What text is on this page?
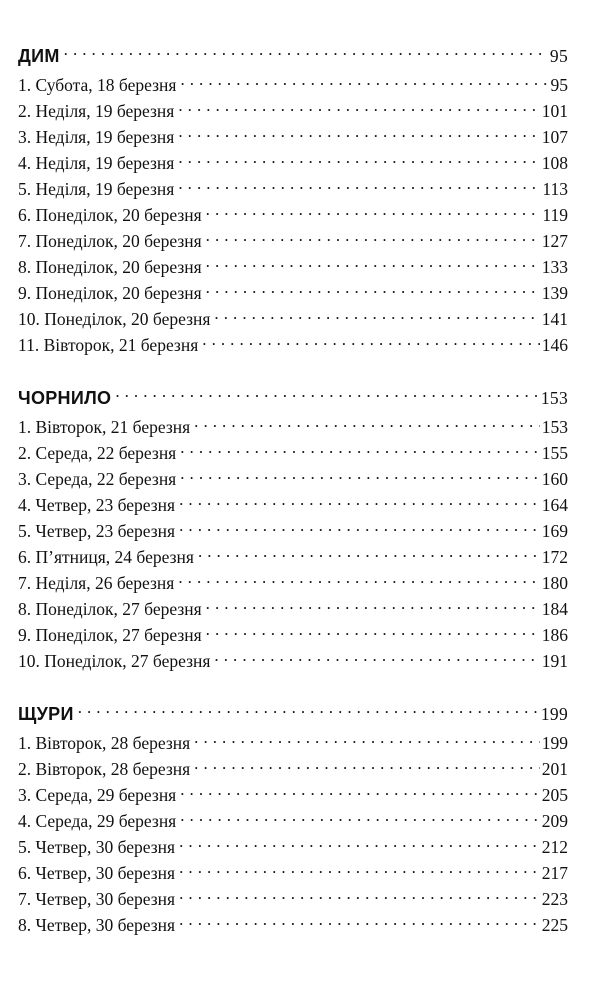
ДИМ . . .	95
1. Субота, 18 березня . . .	95
2. Неділя, 19 березня . . .	101
3. Неділя, 19 березня . . .	107
4. Неділя, 19 березня . . .	108
5. Неділя, 19 березня . . .	113
6. Понеділок, 20 березня . . .	119
7. Понеділок, 20 березня . . .	127
8. Понеділок, 20 березня . . .	133
9. Понеділок, 20 березня . . .	139
10. Понеділок, 20 березня . . .	141
11. Вівторок, 21 березня . . .	146
ЧОРНИЛО . . .	153
1. Вівторок, 21 березня . . .	153
2. Середа, 22 березня . . .	155
3. Середа, 22 березня . . .	160
4. Четвер, 23 березня . . .	164
5. Четвер, 23 березня . . .	169
6. П’ятниця, 24 березня . . .	172
7. Неділя, 26 березня . . .	180
8. Понеділок, 27 березня . . .	184
9. Понеділок, 27 березня . . .	186
10. Понеділок, 27 березня . . .	191
ЩУРИ . . .	199
1. Вівторок, 28 березня . . .	199
2. Вівторок, 28 березня . . .	201
3. Середа, 29 березня . . .	205
4. Середа, 29 березня . . .	209
5. Четвер, 30 березня . . .	212
6. Четвер, 30 березня . . .	217
7. Четвер, 30 березня . . .	223
8. Четвер, 30 березня . . .	225
